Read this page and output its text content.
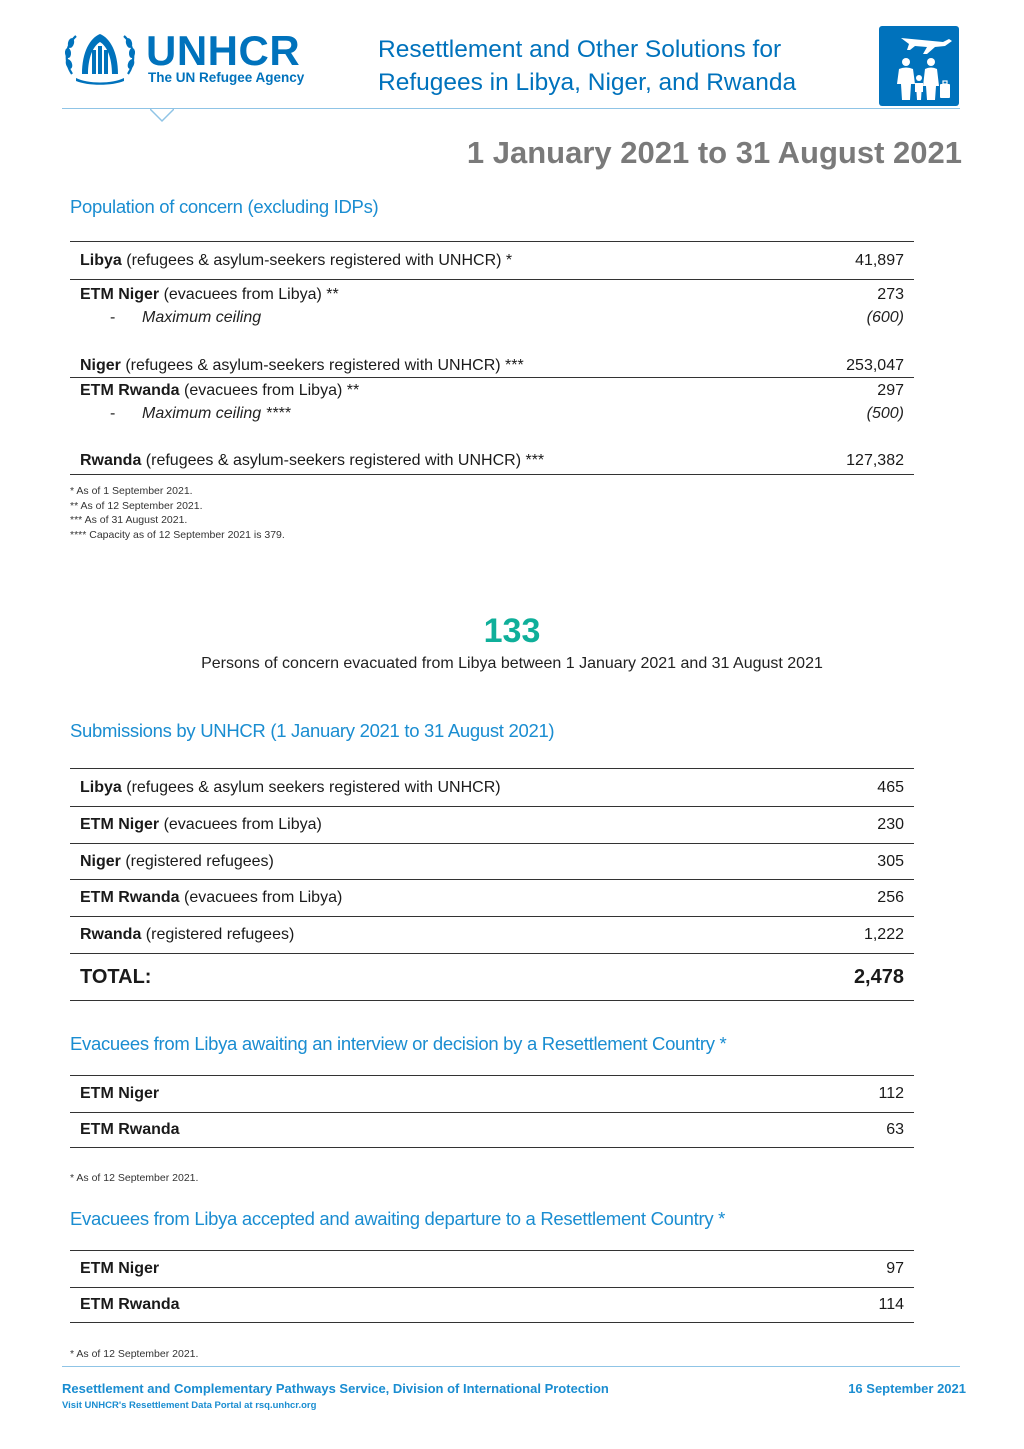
UNHCR
The UN Refugee Agency
Resettlement and Other Solutions for
Refugees in Libya, Niger, and Rwanda
1 January 2021 to 31 August 2021
Population of concern (excluding IDPs)
Libya (refugees & asylum-seekers registered with UNHCR) *	41,897
ETM Niger (evacuees from Libya) **	273
- Maximum ceiling	(600)
Niger (refugees & asylum-seekers registered with UNHCR) ***	253,047
ETM Rwanda (evacuees from Libya) **	297
- Maximum ceiling ****	(500)
Rwanda (refugees & asylum-seekers registered with UNHCR) ***	127,382
* As of 1 September 2021.
** As of 12 September 2021.
*** As of 31 August 2021.
**** Capacity as of 12 September 2021 is 379.
133
Persons of concern evacuated from Libya between 1 January 2021 and 31 August 2021
Submissions by UNHCR (1 January 2021 to 31 August 2021)
Libya (refugees & asylum seekers registered with UNHCR)	465
ETM Niger (evacuees from Libya)	230
Niger (registered refugees)	305
ETM Rwanda (evacuees from Libya)	256
Rwanda (registered refugees)	1,222
TOTAL:	2,478
Evacuees from Libya awaiting an interview or decision by a Resettlement Country *
ETM Niger	112
ETM Rwanda	63
* As of 12 September 2021.
Evacuees from Libya accepted and awaiting departure to a Resettlement Country *
ETM Niger	97
ETM Rwanda	114
* As of 12 September 2021.
Resettlement and Complementary Pathways Service, Division of International Protection
Visit UNHCR's Resettlement Data Portal at rsq.unhcr.org
16 September 2021
